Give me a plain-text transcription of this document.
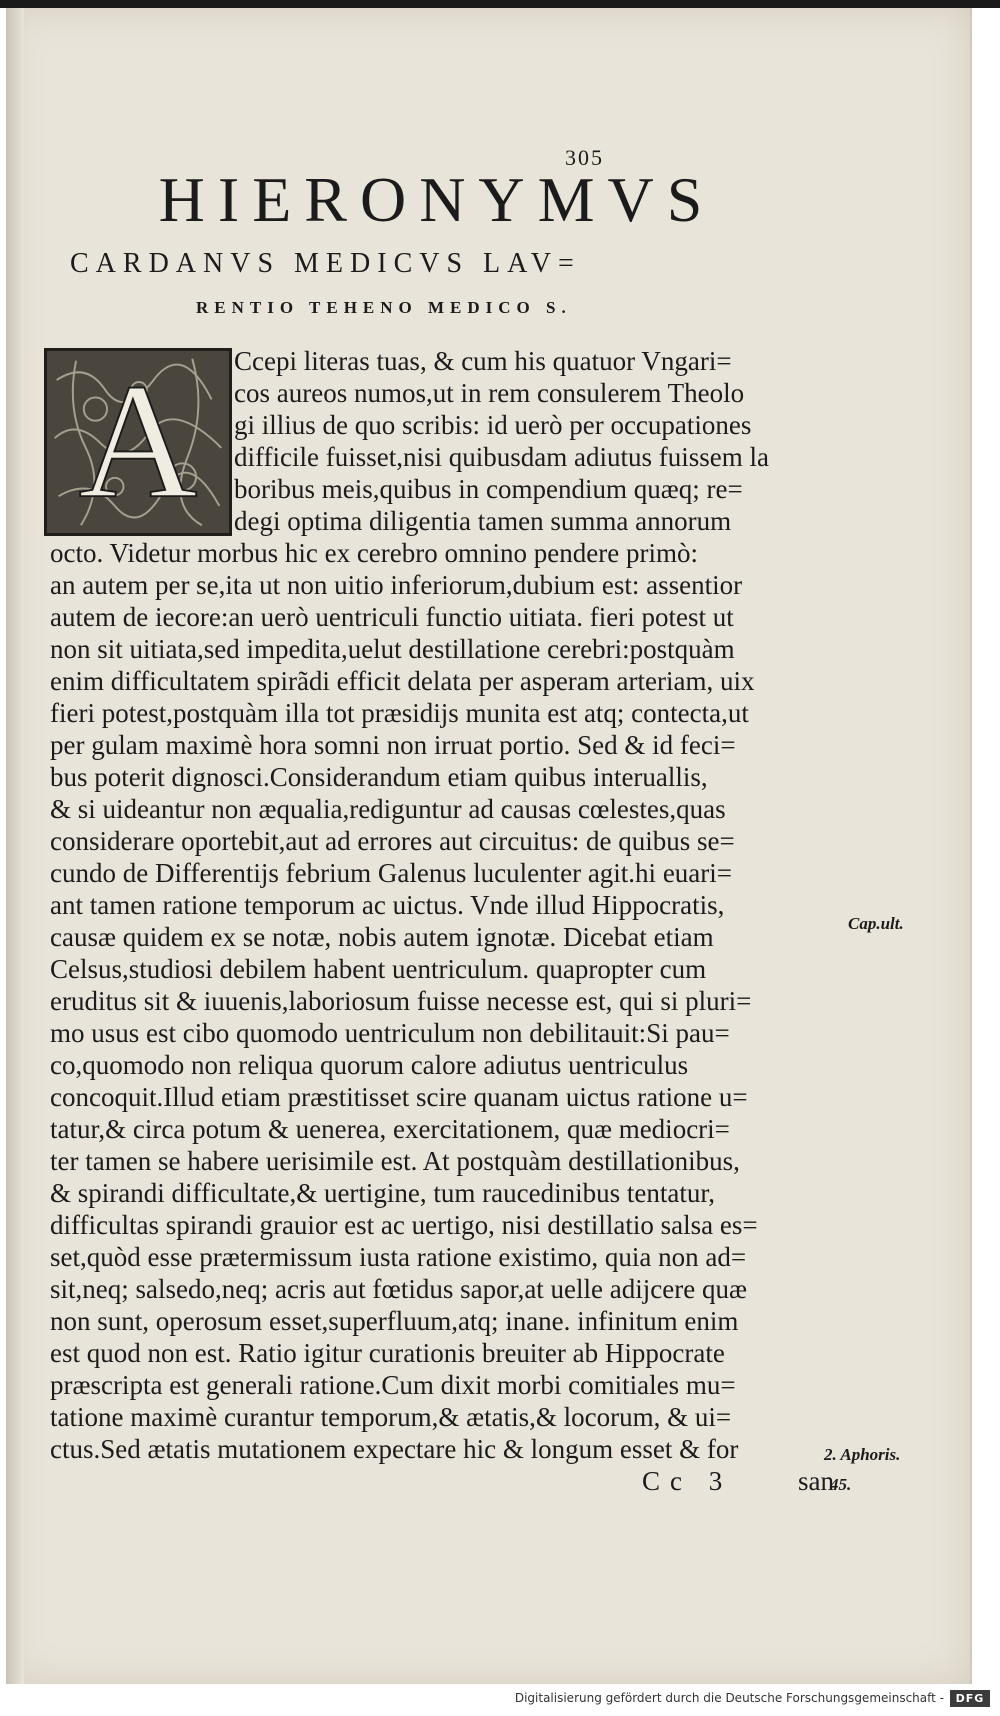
305
HIERONYMVS
CARDANVS MEDICVS LAV=
RENTIO TEHENO MEDICO S.
A Ccepi literas tuas, & cum his quatuor Vngari=
cos aureos numos,ut in rem consulerem Theolo
gi illius de quo scribis: id uerò per occupationes
difficile fuisset,nisi quibusdam adiutus fuissem la
boribus meis,quibus in compendium quæq; re=
degi optima diligentia tamen summa annorum
octo. Videtur morbus hic ex cerebro omnino pendere primò:
an autem per se,ita ut non uitio inferiorum,dubium est: assentior
autem de iecore:an uerò uentriculi functio uitiata. fieri potest ut
non sit uitiata,sed impedita,uelut destillatione cerebri:postquàm
enim difficultatem spirãdi efficit delata per asperam arteriam, uix
fieri potest,postquàm illa tot præsidijs munita est atq; contecta,ut
per gulam maximè hora somni non irruat portio. Sed & id feci=
bus poterit dignosci.Considerandum etiam quibus interuallis,
& si uideantur non æqualia,rediguntur ad causas cœlestes,quas
considerare oportebit,aut ad errores aut circuitus: de quibus se=
cundo de Differentijs febrium Galenus luculenter agit.hi euari=
ant tamen ratione temporum ac uictus. Vnde illud Hippocratis,
causæ quidem ex se notæ, nobis autem ignotæ. Dicebat etiam
Celsus,studiosi debilem habent uentriculum. quapropter cum
eruditus sit & iuuenis,laboriosum fuisse necesse est, qui si pluri=
mo usus est cibo quomodo uentriculum non debilitauit:Si pau=
co,quomodo non reliqua quorum calore adiutus uentriculus
concoquit.Illud etiam præstitisset scire quanam uictus ratione u=
tatur,& circa potum & uenerea, exercitationem, quæ mediocri=
ter tamen se habere uerisimile est. At postquàm destillationibus,
& spirandi difficultate,& uertigine, tum raucedinibus tentatur,
difficultas spirandi grauior est ac uertigo, nisi destillatio salsa es=
set,quòd esse prætermissum iusta ratione existimo, quia non ad=
sit,neq; salsedo,neq; acris aut fœtidus sapor,at uelle adijcere quæ
non sunt, operosum esset,superfluum,atq; inane. infinitum enim
est quod non est. Ratio igitur curationis breuiter ab Hippocrate
præscripta est generali ratione.Cum dixit morbi comitiales mu=
tatione maximè curantur temporum,& ætatis,& locorum, & ui=
ctus.Sed ætatis mutationem expectare hic & longum esset & for
Cc 3 san
Cap.ult.
2. Aphoris.
45.
Digitalisierung gefördert durch die Deutsche Forschungsgemeinschaft -	DFG
